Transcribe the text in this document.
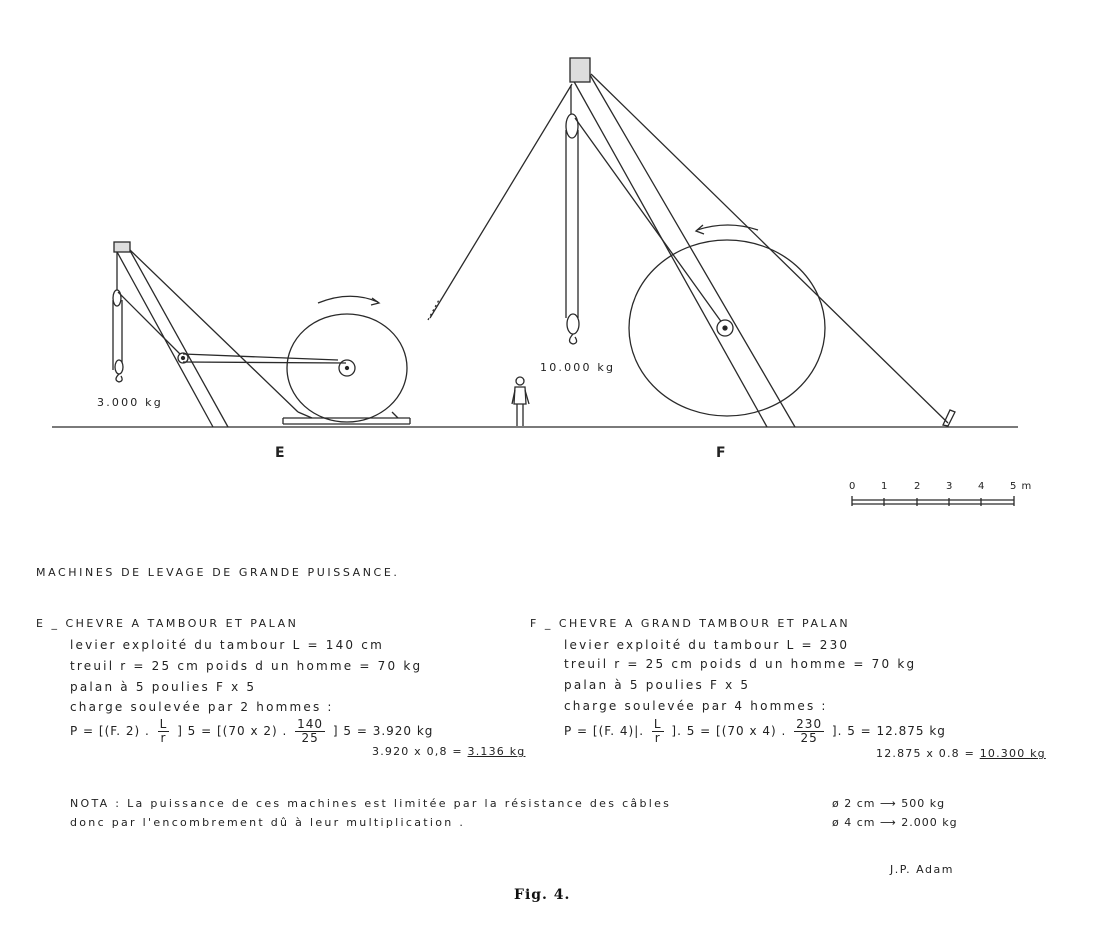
3.000 kg
10.000 kg
E	F
0	1	2	3	4	5 m
MACHINES DE LEVAGE DE GRANDE PUISSANCE.
E _ CHEVRE A TAMBOUR ET PALAN
levier exploité du tambour L = 140 cm
treuil r = 25 cm poids d un homme = 70 kg
palan à 5 poulies F x 5
charge soulevée par 2 hommes :
P = [(F. 2) . $\frac{L}{r}$ ] 5 = [(70 x 2) . $\frac{140}{25}$ ] 5 = 3.920 kg
3.920 x 0,8 = 3.136 kg
F _ CHEVRE A GRAND TAMBOUR ET PALAN
levier exploité du tambour L = 230
treuil r = 25 cm poids d un homme = 70 kg
palan à 5 poulies F x 5
charge soulevée par 4 hommes :
P = [(F. 4)|. $\frac{L}{r}$ ]. 5 = [(70 x 4) . $\frac{230}{25}$ ]. 5 = 12.875 kg
12.875 x 0.8 = 10.300 kg
NOTA : La puissance de ces machines est limitée par la résistance des câbles
donc par l'encombrement dû à leur multiplication .
ø 2 cm ⟶ 500 kg
ø 4 cm ⟶ 2.000 kg
J.P. Adam
Fig. 4.
